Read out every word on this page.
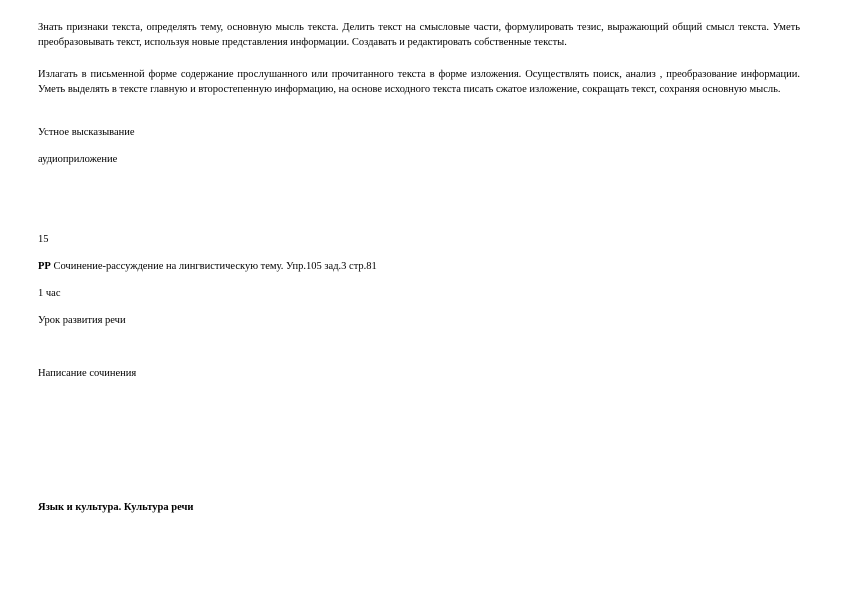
Знать признаки текста, определять тему, основную мысль текста. Делить текст на смысловые части, формулировать тезис, выражающий общий смысл текста. Уметь преобразовывать текст, используя новые представления информации. Создавать и редактировать собственные тексты.
Излагать в письменной форме содержание прослушанного или прочитанного текста в форме изложения. Осуществлять поиск, анализ , преобразование информации. Уметь выделять в тексте главную и второстепенную информацию, на основе исходного текста писать сжатое изложение, сокращать текст, сохраняя основную мысль.
Устное высказывание
аудиоприложение
15
РР Сочинение-рассуждение на лингвистическую тему. Упр.105 зад.3 стр.81
1 час
Урок развития речи
Написание сочинения
Язык и культура. Культура речи
